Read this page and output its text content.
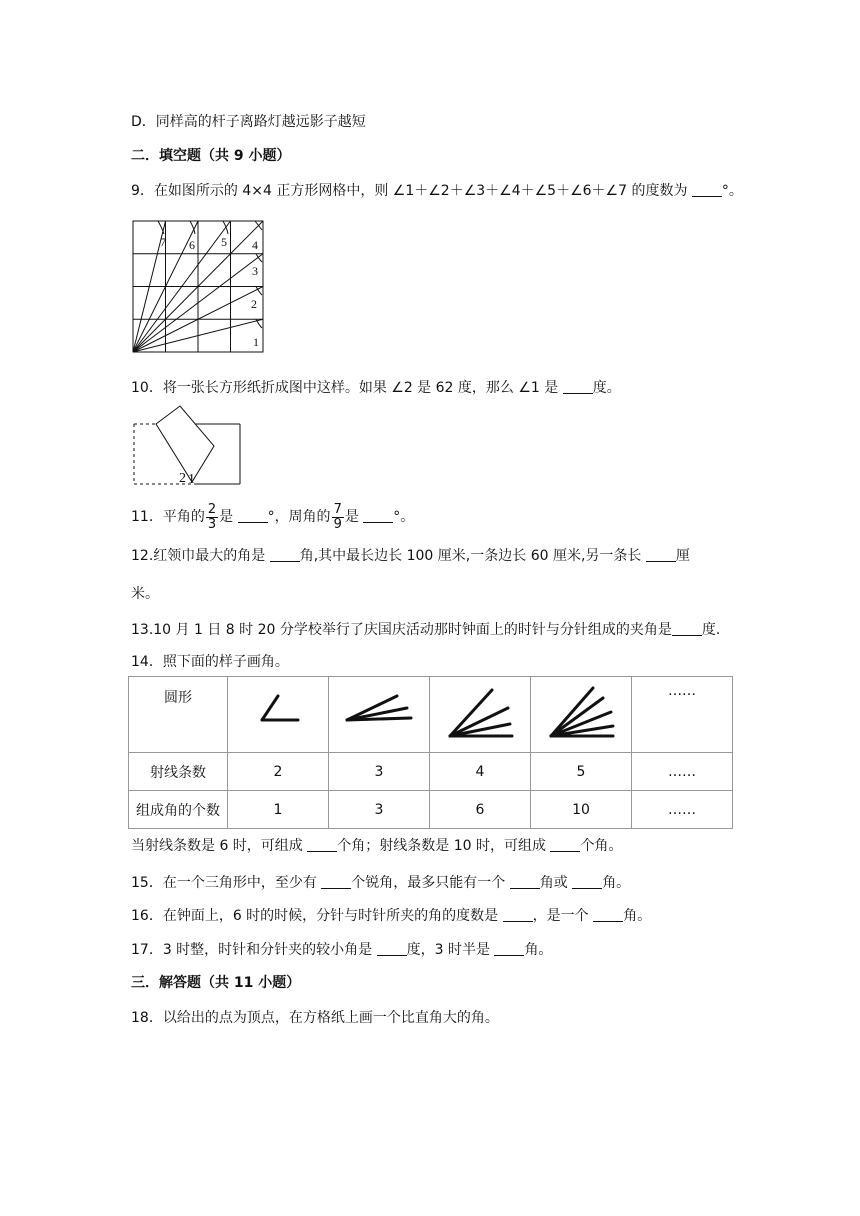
D．同样高的杆子离路灯越远影子越短
二．填空题（共 9 小题）
9．在如图所示的 4×4 正方形网格中，则 ∠1＋∠2＋∠3＋∠4＋∠5＋∠6＋∠7 的度数为 °。
1
2
3
4
5
6
7
10．将一张长方形纸折成图中这样。如果 ∠2 是 62 度，那么 ∠1 是 度。
2 1
11．平角的 $\frac{2}{3}$ 是 °，周角的 $\frac{7}{9}$ 是 °。
12.红领巾最大的角是 角,其中最长边长 100 厘米,一条边长 60 厘米,另一条长 厘
米。
13.10 月 1 日 8 时 20 分学校举行了庆国庆活动那时钟面上的时针与分针组成的夹角是 度.
14．照下面的样子画角。
圆形					……
射线条数	2	3	4	5	……
组成角的个数	1	3	6	10	……
当射线条数是 6 时，可组成 个角；射线条数是 10 时，可组成 个角。
15．在一个三角形中，至少有 个锐角，最多只能有一个 角或 角。
16．在钟面上，6 时的时候，分针与时针所夹的角的度数是 ，是一个 角。
17．3 时整，时针和分针夹的较小角是 度，3 时半是 角。
三．解答题（共 11 小题）
18．以给出的点为顶点，在方格纸上画一个比直角大的角。
